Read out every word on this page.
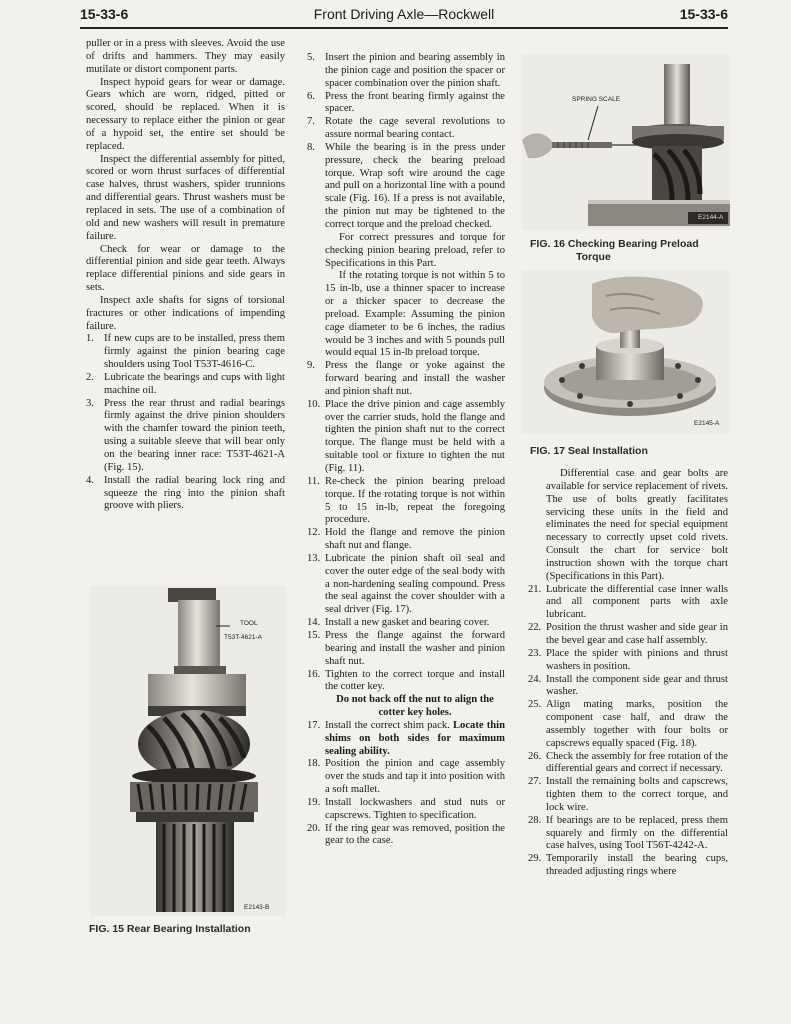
15-33-6	Front Driving Axle—Rockwell	15-33-6

puller or in a press with sleeves. Avoid the use of drifts and hammers. They may easily mutilate or distort component parts.

Inspect hypoid gears for wear or damage. Gears which are worn, ridged, pitted or scored, should be replaced. When it is necessary to replace either the pinion or gear of a hypoid set, the entire set should be replaced.

Inspect the differential assembly for pitted, scored or worn thrust surfaces of differential case halves, thrust washers, spider trunnions and differential gears. Thrust washers must be replaced in sets. The use of a combination of old and new washers will result in premature failure.

Check for wear or damage to the differential pinion and side gear teeth. Always replace differential pinions and side gears in sets.

Inspect axle shafts for signs of torsional fractures or other indications of impending failure.

1. If new cups are to be installed, press them firmly against the pinion bearing cage shoulders using Tool T53T-4616-C.
2. Lubricate the bearings and cups with light machine oil.
3. Press the rear thrust and radial bearings firmly against the drive pinion shoulders with the chamfer toward the pinion teeth, using a suitable sleeve that will bear only on the bearing inner race: T53T-4621-A (Fig. 15).
4. Install the radial bearing lock ring and squeeze the ring into the pinion shaft groove with pliers.
TOOL
T53T-4621-A
E2143-B
FIG. 15 Rear Bearing Installation
5. Insert the pinion and bearing assembly in the pinion cage and position the spacer or spacer combination over the pinion shaft.
6. Press the front bearing firmly against the spacer.
7. Rotate the cage several revolutions to assure normal bearing contact.
8. While the bearing is in the press under pressure, check the bearing preload torque. Wrap soft wire around the cage and pull on a horizontal line with a pound scale (Fig. 16). If a press is not available, the pinion nut may be tightened to the correct torque and the preload checked.

For correct pressures and torque for checking pinion bearing preload, refer to Specifications in this Part.

If the rotating torque is not within 5 to 15 in-lb, use a thinner spacer to increase or a thicker spacer to decrease the preload. Example: Assuming the pinion cage diameter to be 6 inches, the radius would be 3 inches and with 5 pounds pull would equal 15 in-lb preload torque.

9. Press the flange or yoke against the forward bearing and install the washer and pinion shaft nut.
10. Place the drive pinion and cage assembly over the carrier studs, hold the flange and tighten the pinion shaft nut to the correct torque. The flange must be held with a suitable tool or fixture to tighten the nut (Fig. 11).
11. Re-check the pinion bearing preload torque. If the rotating torque is not within 5 to 15 in-lb, repeat the foregoing procedure.
12. Hold the flange and remove the pinion shaft nut and flange.
13. Lubricate the pinion shaft oil seal and cover the outer edge of the seal body with a non-hardening sealing compound. Press the seal against the cover shoulder with a seal driver (Fig. 17).
14. Install a new gasket and bearing cover.
15. Press the flange against the forward bearing and install the washer and pinion shaft nut.
16. Tighten to the correct torque and install the cotter key.

Do not back off the nut to align the cotter key holes.

17. Install the correct shim pack. Locate thin shims on both sides for maximum sealing ability.
18. Position the pinion and cage assembly over the studs and tap it into position with a soft mallet.
19. Install lockwashers and stud nuts or capscrews. Tighten to specification.
20. If the ring gear was removed, position the gear to the case.
SPRING SCALE
E2144-A
FIG. 16 Checking Bearing Preload
Torque
E2145-A
FIG. 17 Seal Installation

Differential case and gear bolts are available for service replacement of rivets. The use of bolts greatly facilitates servicing these units in the field and eliminates the need for special equipment necessary to correctly upset cold rivets. Consult the chart for service bolt instruction shown with the torque chart (Specifications in this Part).

21. Lubricate the differential case inner walls and all component parts with axle lubricant.
22. Position the thrust washer and side gear in the bevel gear and case half assembly.
23. Place the spider with pinions and thrust washers in position.
24. Install the component side gear and thrust washer.
25. Align mating marks, position the component case half, and draw the assembly together with four bolts or capscrews equally spaced (Fig. 18).
26. Check the assembly for free rotation of the differential gears and correct if necessary.
27. Install the remaining bolts and capscrews, tighten them to the correct torque, and lock wire.
28. If bearings are to be replaced, press them squarely and firmly on the differential case halves, using Tool T56T-4242-A.
29. Temporarily install the bearing cups, threaded adjusting rings where
